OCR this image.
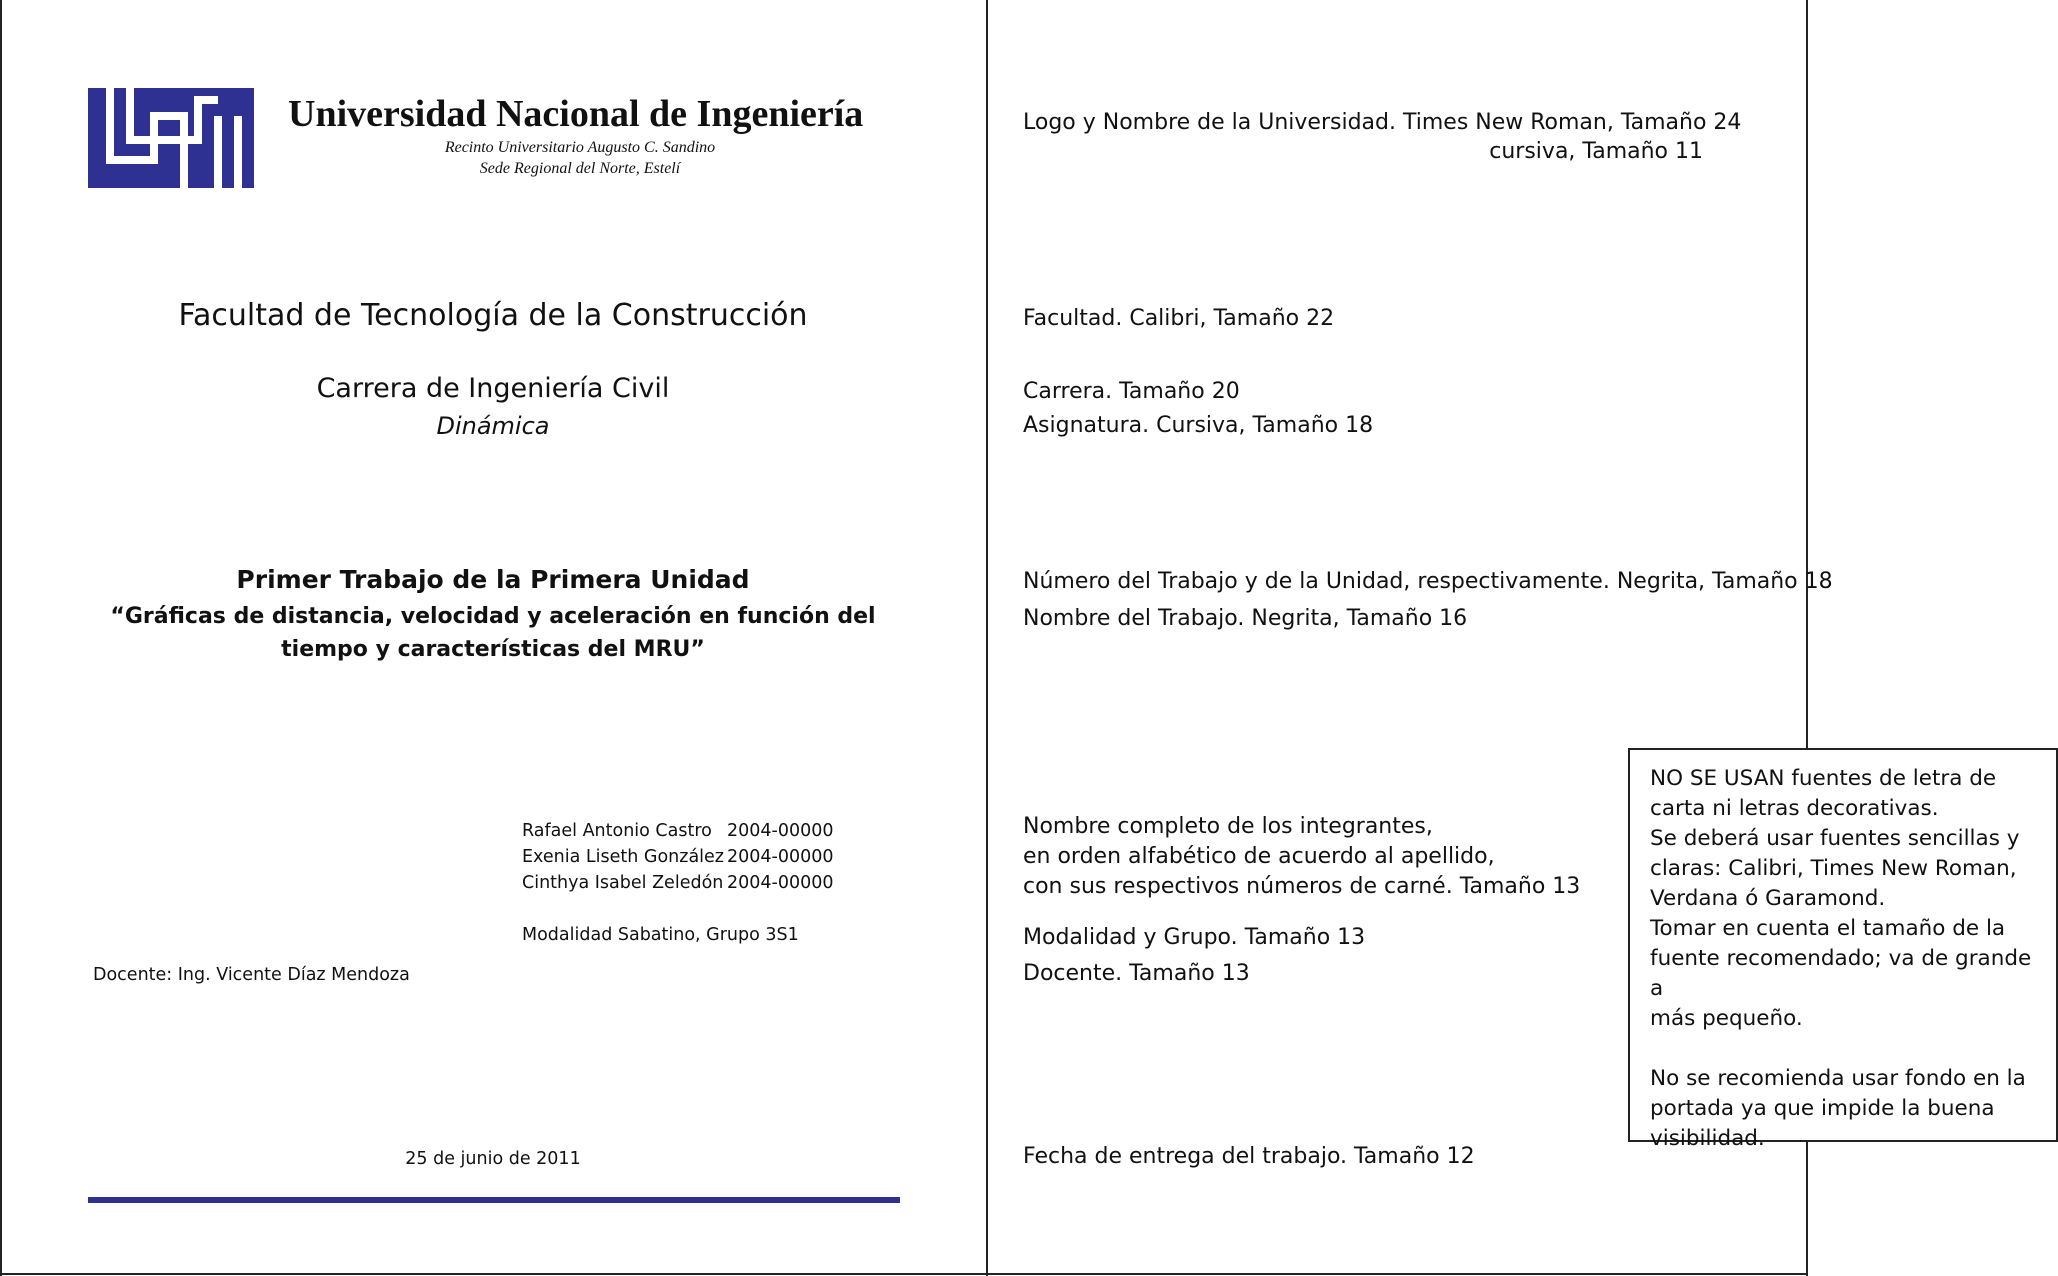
Universidad Nacional de Ingeniería
Recinto Universitario Augusto C. Sandino
Sede Regional del Norte, Estelí
Facultad de Tecnología de la Construcción
Carrera de Ingeniería Civil
Dinámica
Primer Trabajo de la Primera Unidad
“Gráficas de distancia, velocidad y aceleración en función del tiempo y características del MRU”
Rafael Antonio Castro 2004-00000
Exenia Liseth González 2004-00000
Cinthya Isabel Zeledón 2004-00000
Modalidad Sabatino, Grupo 3S1
Docente: Ing. Vicente Díaz Mendoza
25 de junio de 2011
Logo y Nombre de la Universidad. Times New Roman, Tamaño 24
cursiva, Tamaño 11
Facultad. Calibri, Tamaño 22
Carrera. Tamaño 20
Asignatura. Cursiva, Tamaño 18
Número del Trabajo y de la Unidad, respectivamente. Negrita, Tamaño 18
Nombre del Trabajo. Negrita, Tamaño 16
Nombre completo de los integrantes,
en orden alfabético de acuerdo al apellido,
con sus respectivos números de carné. Tamaño 13
Modalidad y Grupo. Tamaño 13
Docente. Tamaño 13
Fecha de entrega del trabajo. Tamaño 12

NO SE USAN fuentes de letra de

carta ni letras decorativas.

Se deberá usar fuentes sencillas y

claras: Calibri, Times New Roman,

Verdana ó Garamond.

Tomar en cuenta el tamaño de la

fuente recomendado; va de grande a

más pequeño.

No se recomienda usar fondo en la

portada ya que impide la buena

visibilidad.
